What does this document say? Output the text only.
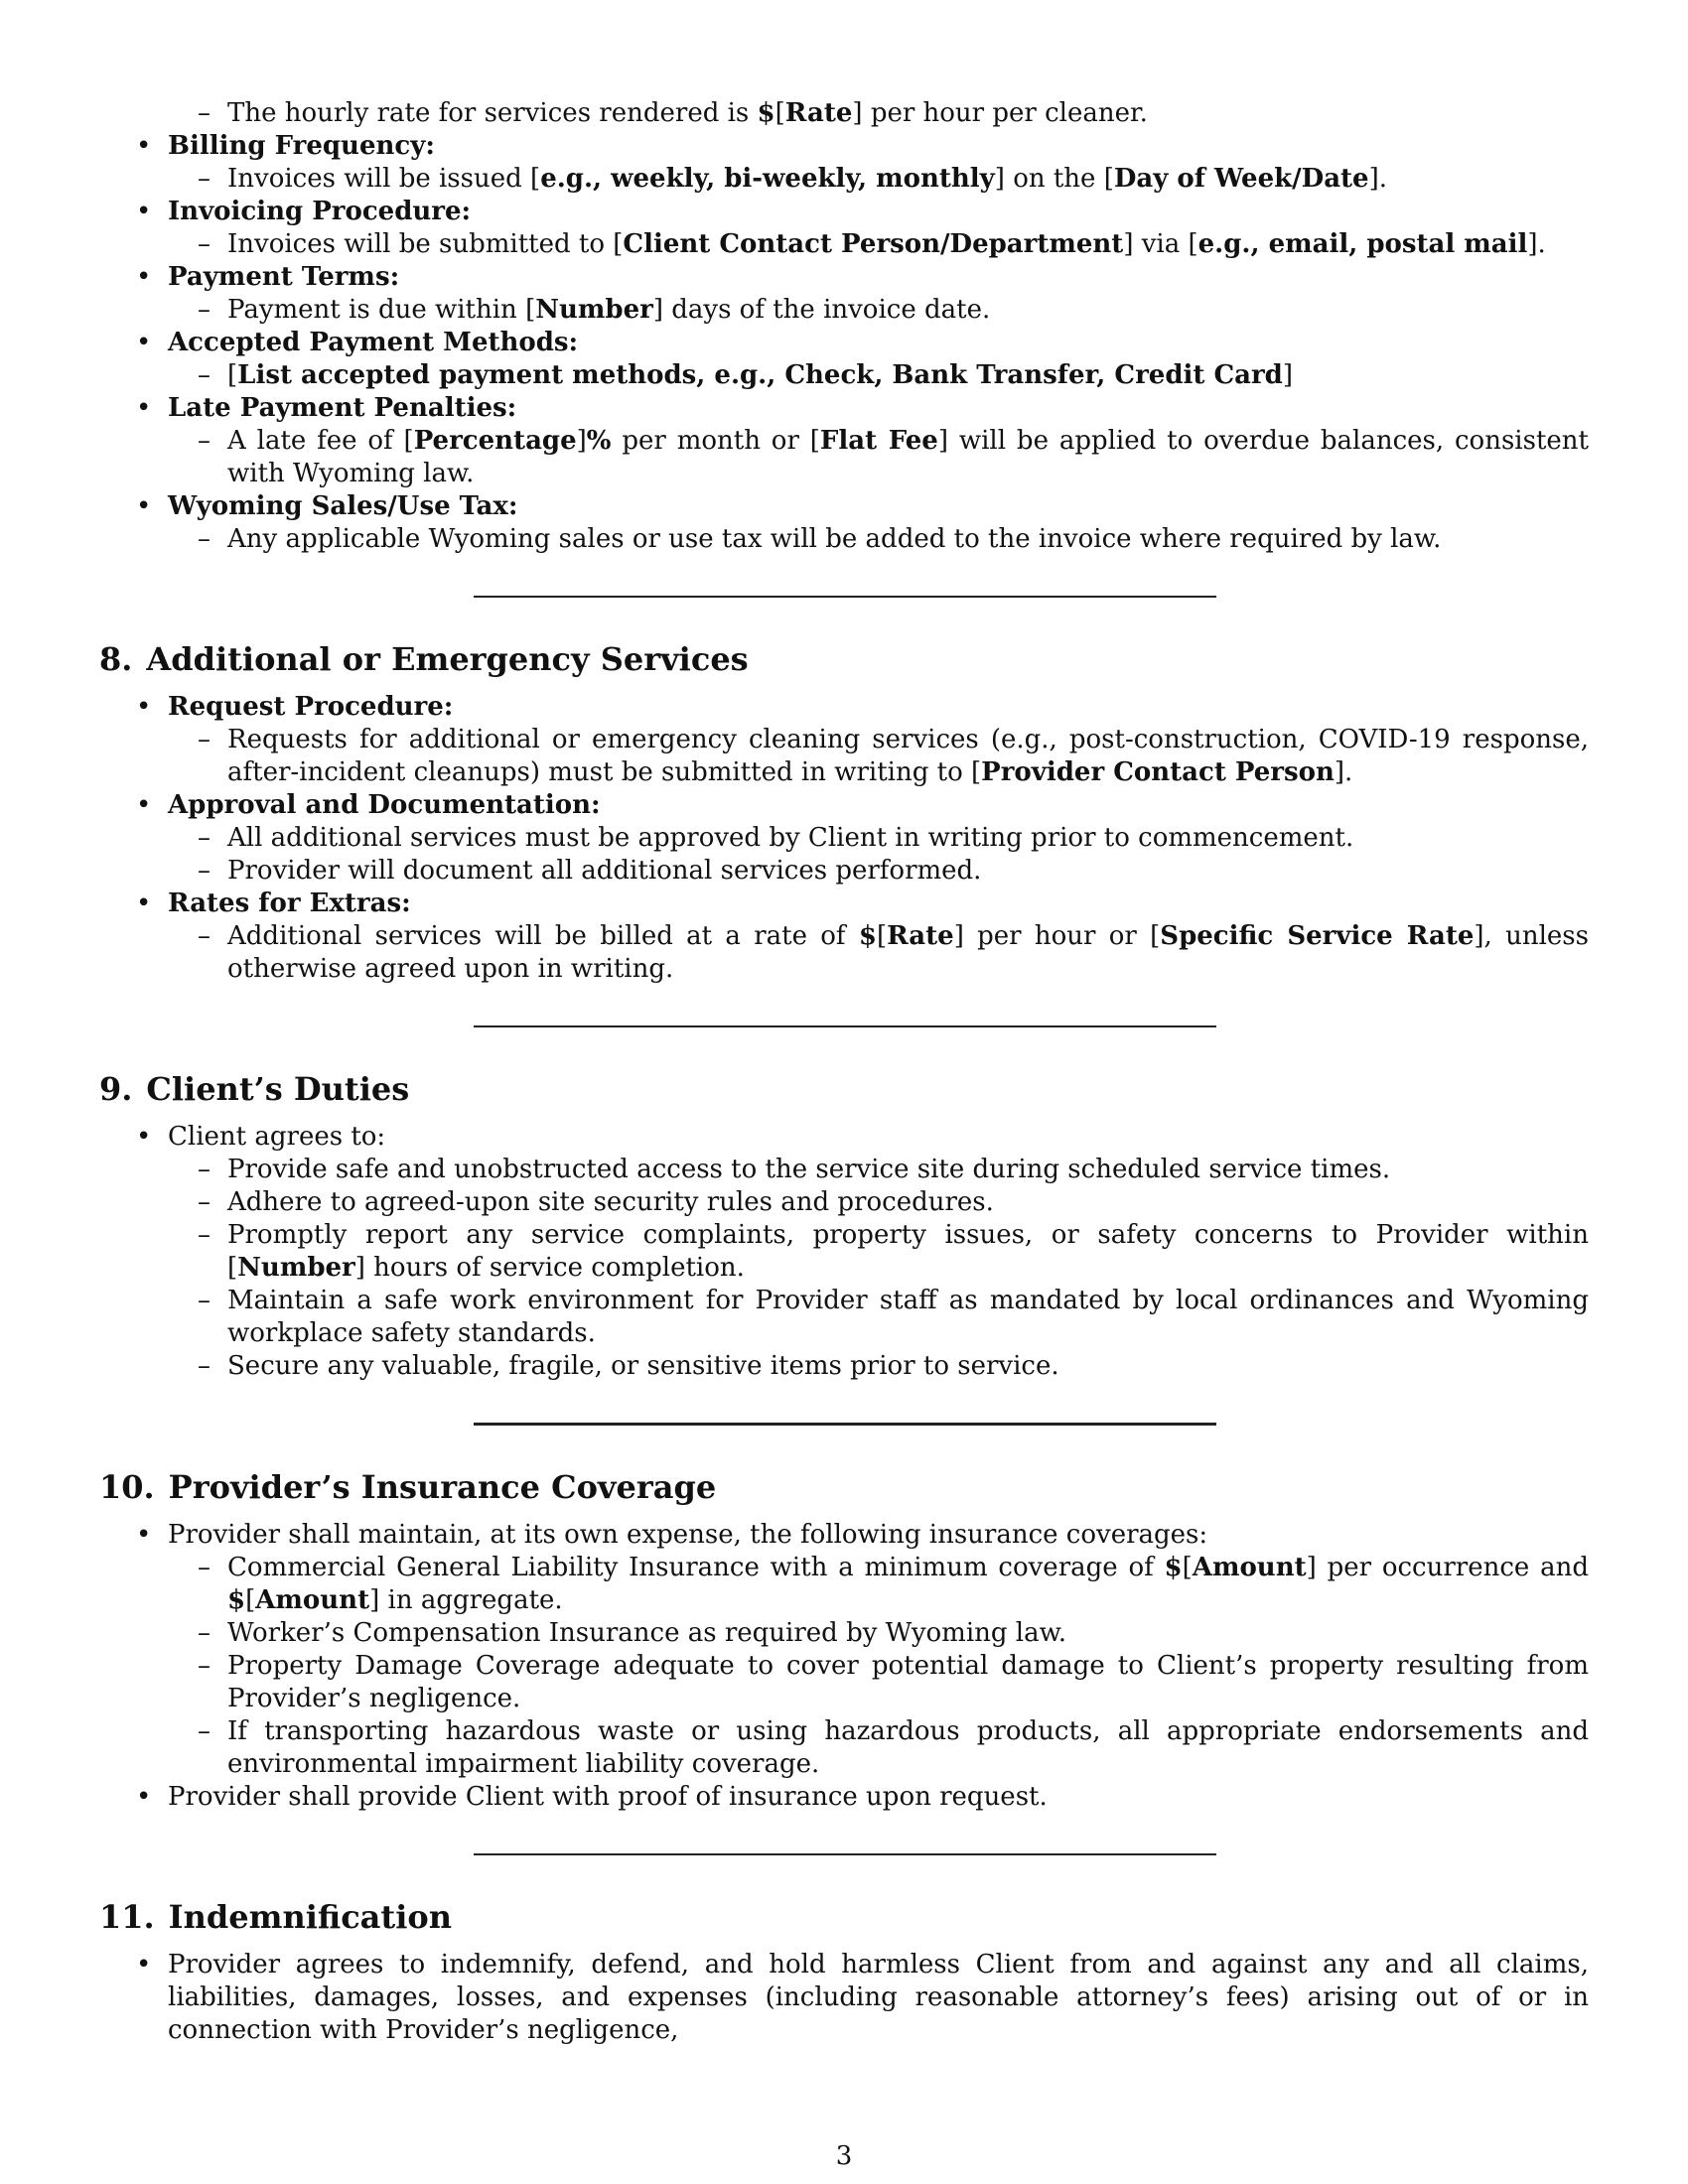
– The hourly rate for services rendered is $[Rate] per hour per cleaner.
• Billing Frequency:
– Invoices will be issued [e.g., weekly, bi-weekly, monthly] on the [Day of Week/Date].
• Invoicing Procedure:
– Invoices will be submitted to [Client Contact Person/Department] via [e.g., email, postal mail].
• Payment Terms:
– Payment is due within [Number] days of the invoice date.
• Accepted Payment Methods:
– [List accepted payment methods, e.g., Check, Bank Transfer, Credit Card]
• Late Payment Penalties:
– A late fee of [Percentage]% per month or [Flat Fee] will be applied to overdue balances, consistent with Wyoming law.
• Wyoming Sales/Use Tax:
– Any applicable Wyoming sales or use tax will be added to the invoice where required by law.
8. Additional or Emergency Services
• Request Procedure:
– Requests for additional or emergency cleaning services (e.g., post-construction, COVID-19 response, after-incident cleanups) must be submitted in writing to [Provider Contact Person].
• Approval and Documentation:
– All additional services must be approved by Client in writing prior to commencement.
– Provider will document all additional services performed.
• Rates for Extras:
– Additional services will be billed at a rate of $[Rate] per hour or [Specific Service Rate], unless otherwise agreed upon in writing.
9. Client’s Duties
• Client agrees to:
– Provide safe and unobstructed access to the service site during scheduled service times.
– Adhere to agreed-upon site security rules and procedures.
– Promptly report any service complaints, property issues, or safety concerns to Provider within [Number] hours of service completion.
– Maintain a safe work environment for Provider staff as mandated by local ordinances and Wyoming workplace safety standards.
– Secure any valuable, fragile, or sensitive items prior to service.
10. Provider’s Insurance Coverage
• Provider shall maintain, at its own expense, the following insurance coverages:
– Commercial General Liability Insurance with a minimum coverage of $[Amount] per occurrence and $[Amount] in aggregate.
– Worker’s Compensation Insurance as required by Wyoming law.
– Property Damage Coverage adequate to cover potential damage to Client’s property resulting from Provider’s negligence.
– If transporting hazardous waste or using hazardous products, all appropriate endorsements and environmental impairment liability coverage.
• Provider shall provide Client with proof of insurance upon request.
11. Indemnification
• Provider agrees to indemnify, defend, and hold harmless Client from and against any and all claims, liabilities, damages, losses, and expenses (including reasonable attorney’s fees) arising out of or in connection with Provider’s negligence,
3
